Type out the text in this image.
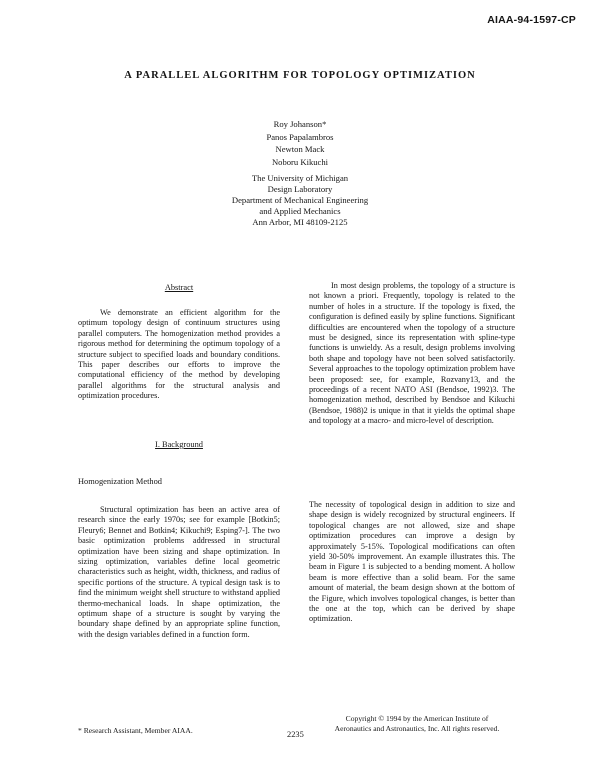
AIAA-94-1597-CP
A PARALLEL ALGORITHM FOR TOPOLOGY OPTIMIZATION
Roy Johanson*
Panos Papalambros
Newton Mack
Noboru Kikuchi
The University of Michigan
Design Laboratory
Department of Mechanical Engineering
and Applied Mechanics
Ann Arbor, MI 48109-2125
Abstract

We demonstrate an efficient algorithm for the optimum topology design of continuum structures using parallel computers. The homogenization method provides a rigorous method for determining the optimum topology of a structure subject to specified loads and boundary conditions. This paper describes our efforts to improve the computational efficiency of the method by developing parallel algorithms for the structural analysis and optimization procedures.

I. Background
Homogenization Method

Structural optimization has been an active area of research since the early 1970s; see for example [Botkin5; Fleury6; Bennet and Botkin4; Kikuchi9; Esping7-]. The two basic optimization problems addressed in structural optimization have been sizing and shape optimization. In sizing optimization, variables define local geometric characteristics such as height, width, thickness, and radius of specific portions of the structure. A typical design task is to find the minimum weight shell structure to withstand applied thermo-mechanical loads. In shape optimization, the optimum shape of a structure is sought by varying the boundary shape defined by an appropriate spline function, with the design variables defined in a function form.

In most design problems, the topology of a structure is not known a priori. Frequently, topology is related to the number of holes in a structure. If the topology is fixed, the configuration is defined easily by spline functions. Significant difficulties are encountered when the topology of a structure must be designed, since its representation with spline-type functions is unwieldy. As a result, design problems involving both shape and topology have not been solved satisfactorily. Several approaches to the topology optimization problem have been proposed: see, for example, Rozvany13, and the proceedings of a recent NATO ASI (Bendsoe, 1992)3. The homogenization method, described by Bendsoe and Kikuchi (Bendsoe, 1988)2 is unique in that it yields the optimal shape and topology at a macro- and micro-level of description.

The necessity of topological design in addition to size and shape design is widely recognized by structural engineers. If topological changes are not allowed, size and shape optimization procedures can improve a design by approximately 5-15%. Topological modifications can often yield 30-50% improvement. An example illustrates this. The beam in Figure 1 is subjected to a bending moment. A hollow beam is more effective than a solid beam. For the same amount of material, the beam design shown at the bottom of the Figure, which involves topological changes, is better than the one at the top, which can be derived by shape optimization.

* Research Assistant, Member AIAA.
Copyright © 1994 by the American Institute of
Aeronautics and Astronautics, Inc. All rights reserved.
2235
